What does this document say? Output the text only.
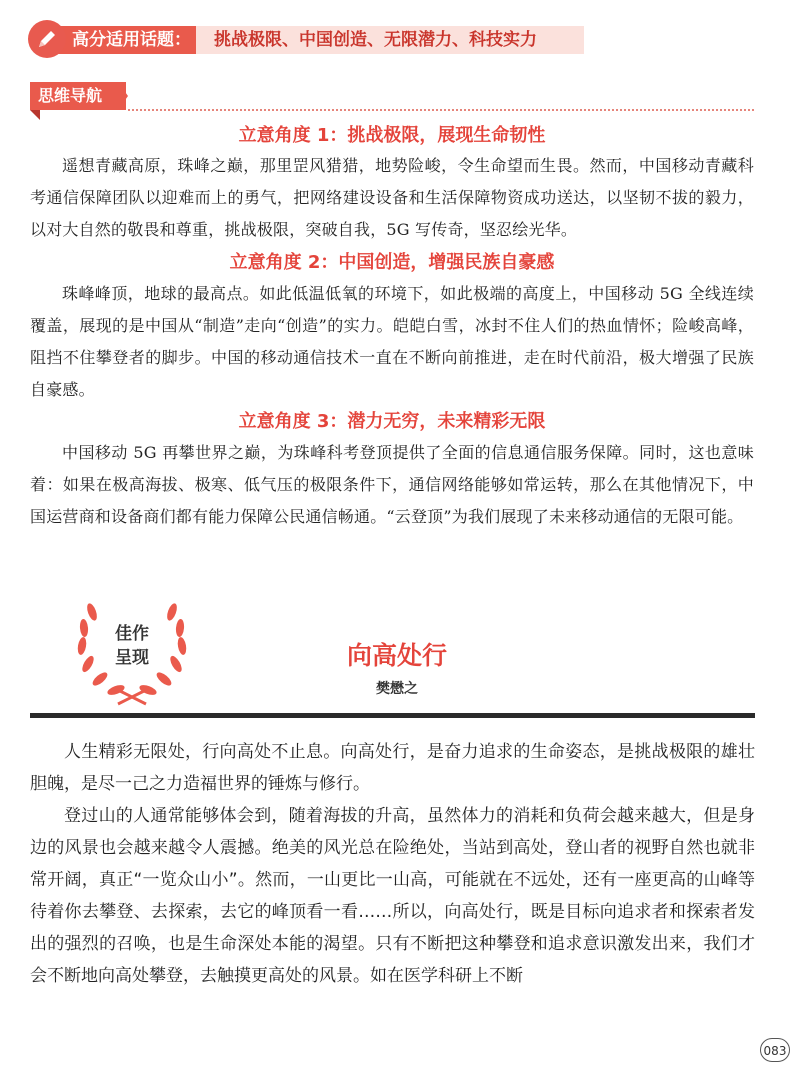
高分适用话题： 挑战极限、中国创造、无限潜力、科技实力
思维导航
立意角度 1：挑战极限，展现生命韧性
遥想青藏高原，珠峰之巅，那里罡风猎猎，地势险峻，令生命望而生畏。然而，中国移动青藏科考通信保障团队以迎难而上的勇气，把网络建设设备和生活保障物资成功送达，以坚韧不拔的毅力，以对大自然的敬畏和尊重，挑战极限，突破自我，5G 写传奇，坚忍绘光华。
立意角度 2：中国创造，增强民族自豪感
珠峰峰顶，地球的最高点。如此低温低氧的环境下，如此极端的高度上，中国移动 5G 全线连续覆盖，展现的是中国从“制造”走向“创造”的实力。皑皑白雪，冰封不住人们的热血情怀；险峻高峰，阻挡不住攀登者的脚步。中国的移动通信技术一直在不断向前推进，走在时代前沿，极大增强了民族自豪感。
立意角度 3：潜力无穷，未来精彩无限
中国移动 5G 再攀世界之巅，为珠峰科考登顶提供了全面的信息通信服务保障。同时，这也意味着：如果在极高海拔、极寒、低气压的极限条件下，通信网络能够如常运转，那么在其他情况下，中国运营商和设备商们都有能力保障公民通信畅通。“云登顶”为我们展现了未来移动通信的无限可能。
佳作
呈现	向高处行
樊懋之
人生精彩无限处，行向高处不止息。向高处行，是奋力追求的生命姿态，是挑战极限的雄壮胆魄，是尽一己之力造福世界的锤炼与修行。
登过山的人通常能够体会到，随着海拔的升高，虽然体力的消耗和负荷会越来越大，但是身边的风景也会越来越令人震撼。绝美的风光总在险绝处，当站到高处，登山者的视野自然也就非常开阔，真正“一览众山小”。然而，一山更比一山高，可能就在不远处，还有一座更高的山峰等待着你去攀登、去探索，去它的峰顶看一看……所以，向高处行，既是目标向追求者和探索者发出的强烈的召唤，也是生命深处本能的渴望。只有不断把这种攀登和追求意识激发出来，我们才会不断地向高处攀登，去触摸更高处的风景。如在医学科研上不断
083
